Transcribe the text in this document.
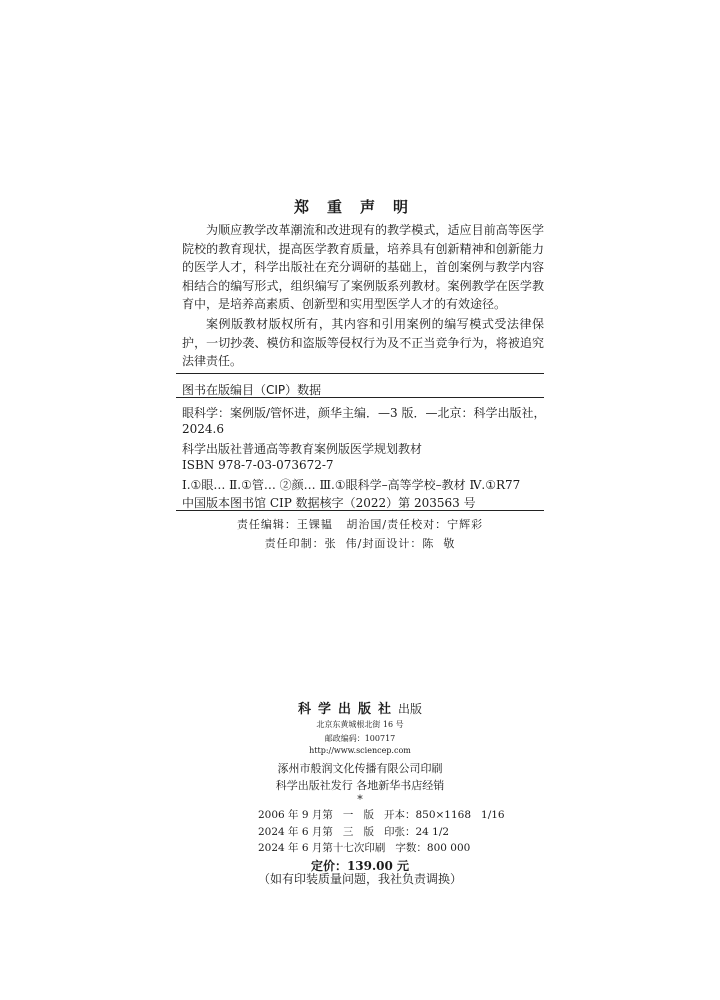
郑重声明

为顺应教学改革潮流和改进现有的教学模式，适应目前高等医学院校的教育现状，提高医学教育质量，培养具有创新精神和创新能力的医学人才，科学出版社在充分调研的基础上，首创案例与教学内容相结合的编写形式，组织编写了案例版系列教材。案例教学在医学教育中，是培养高素质、创新型和实用型医学人才的有效途径。

案例版教材版权所有，其内容和引用案例的编写模式受法律保护，一切抄袭、模仿和盗版等侵权行为及不正当竞争行为，将被追究法律责任。

图书在版编目（CIP）数据
眼科学：案例版/管怀进，颜华主编．—3 版．—北京：科学出版社，
2024.6
科学出版社普通高等教育案例版医学规划教材
ISBN 978-7-03-073672-7
Ⅰ.①眼… Ⅱ.①管… ②颜… Ⅲ.①眼科学–高等学校–教材 Ⅳ.①R77
中国版本图书馆 CIP 数据核字（2022）第 203563 号
责任编辑：王锞韫   胡治国/责任校对：宁辉彩
责任印制：张  伟/封面设计：陈  敬
科学出版社出版
北京东黄城根北街 16 号
邮政编码：100717
http://www.sciencep.com
涿州市般润文化传播有限公司印刷
科学出版社发行 各地新华书店经销
*
2006 年 9 月第   一   版   开本：850×1168   1/16
2024 年 6 月第   三   版   印张：24 1/2
2024 年 6 月第十七次印刷   字数：800 000
定价：139.00 元
（如有印装质量问题，我社负责调换）
